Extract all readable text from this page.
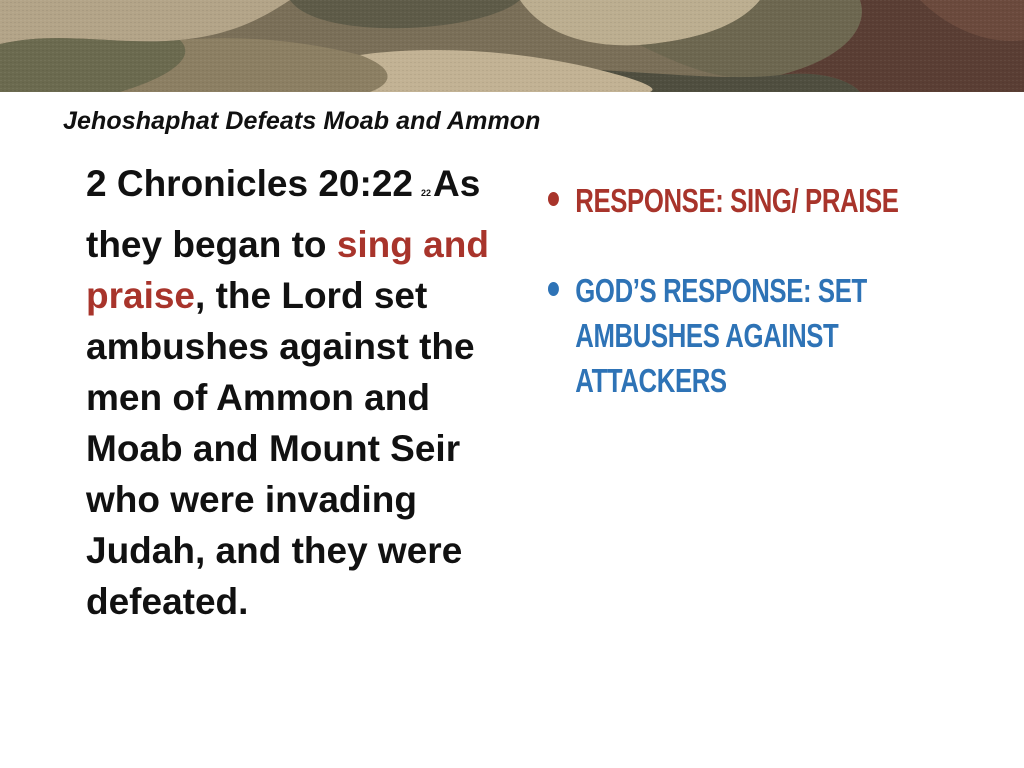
Jehoshaphat Defeats Moab and Ammon

2 Chronicles 20:22 22As they began to sing and praise, the Lord set ambushes against the men of Ammon and Moab and Mount Seir who were invading Judah, and they were defeated.

RESPONSE: SING/ PRAISE
GOD’S RESPONSE: SET AMBUSHES AGAINST ATTACKERS
